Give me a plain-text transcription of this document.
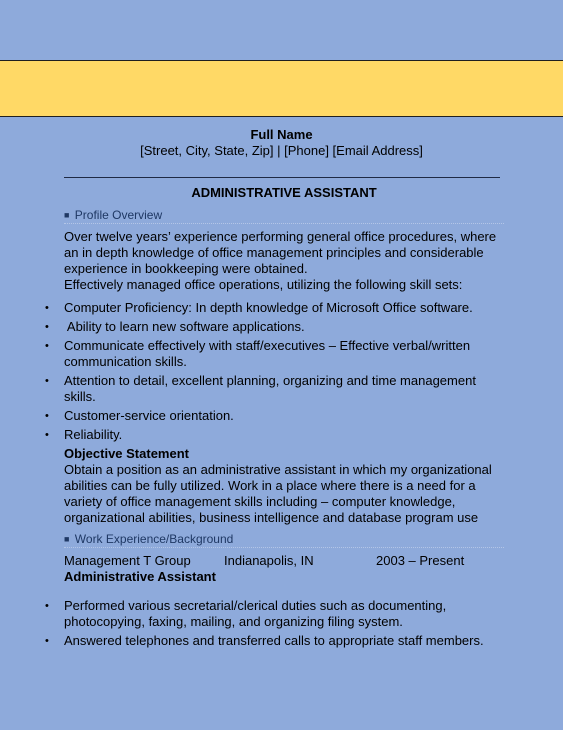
Full Name
[Street, City, State, Zip] | [Phone] [Email Address]
ADMINISTRATIVE ASSISTANT
■ Profile Overview

Over twelve years’ experience performing general office procedures, where an in depth knowledge of office management principles and considerable experience in bookkeeping were obtained.

Effectively managed office operations, utilizing the following skill sets:

• Computer Proficiency: In depth knowledge of Microsoft Office software.
• Ability to learn new software applications.
• Communicate effectively with staff/executives – Effective verbal/written communication skills.
• Attention to detail, excellent planning, organizing and time management skills.
• Customer-service orientation.
• Reliability.
Objective Statement

Obtain a position as an administrative assistant in which my organizational abilities can be fully utilized. Work in a place where there is a need for a variety of office management skills including – computer knowledge, organizational abilities, business intelligence and database program use

■ Work Experience/Background
Management T Group	Indianapolis, IN	2003 – Present
Administrative Assistant
• Performed various secretarial/clerical duties such as documenting, photocopying, faxing, mailing, and organizing filing system.
• Answered telephones and transferred calls to appropriate staff members.
